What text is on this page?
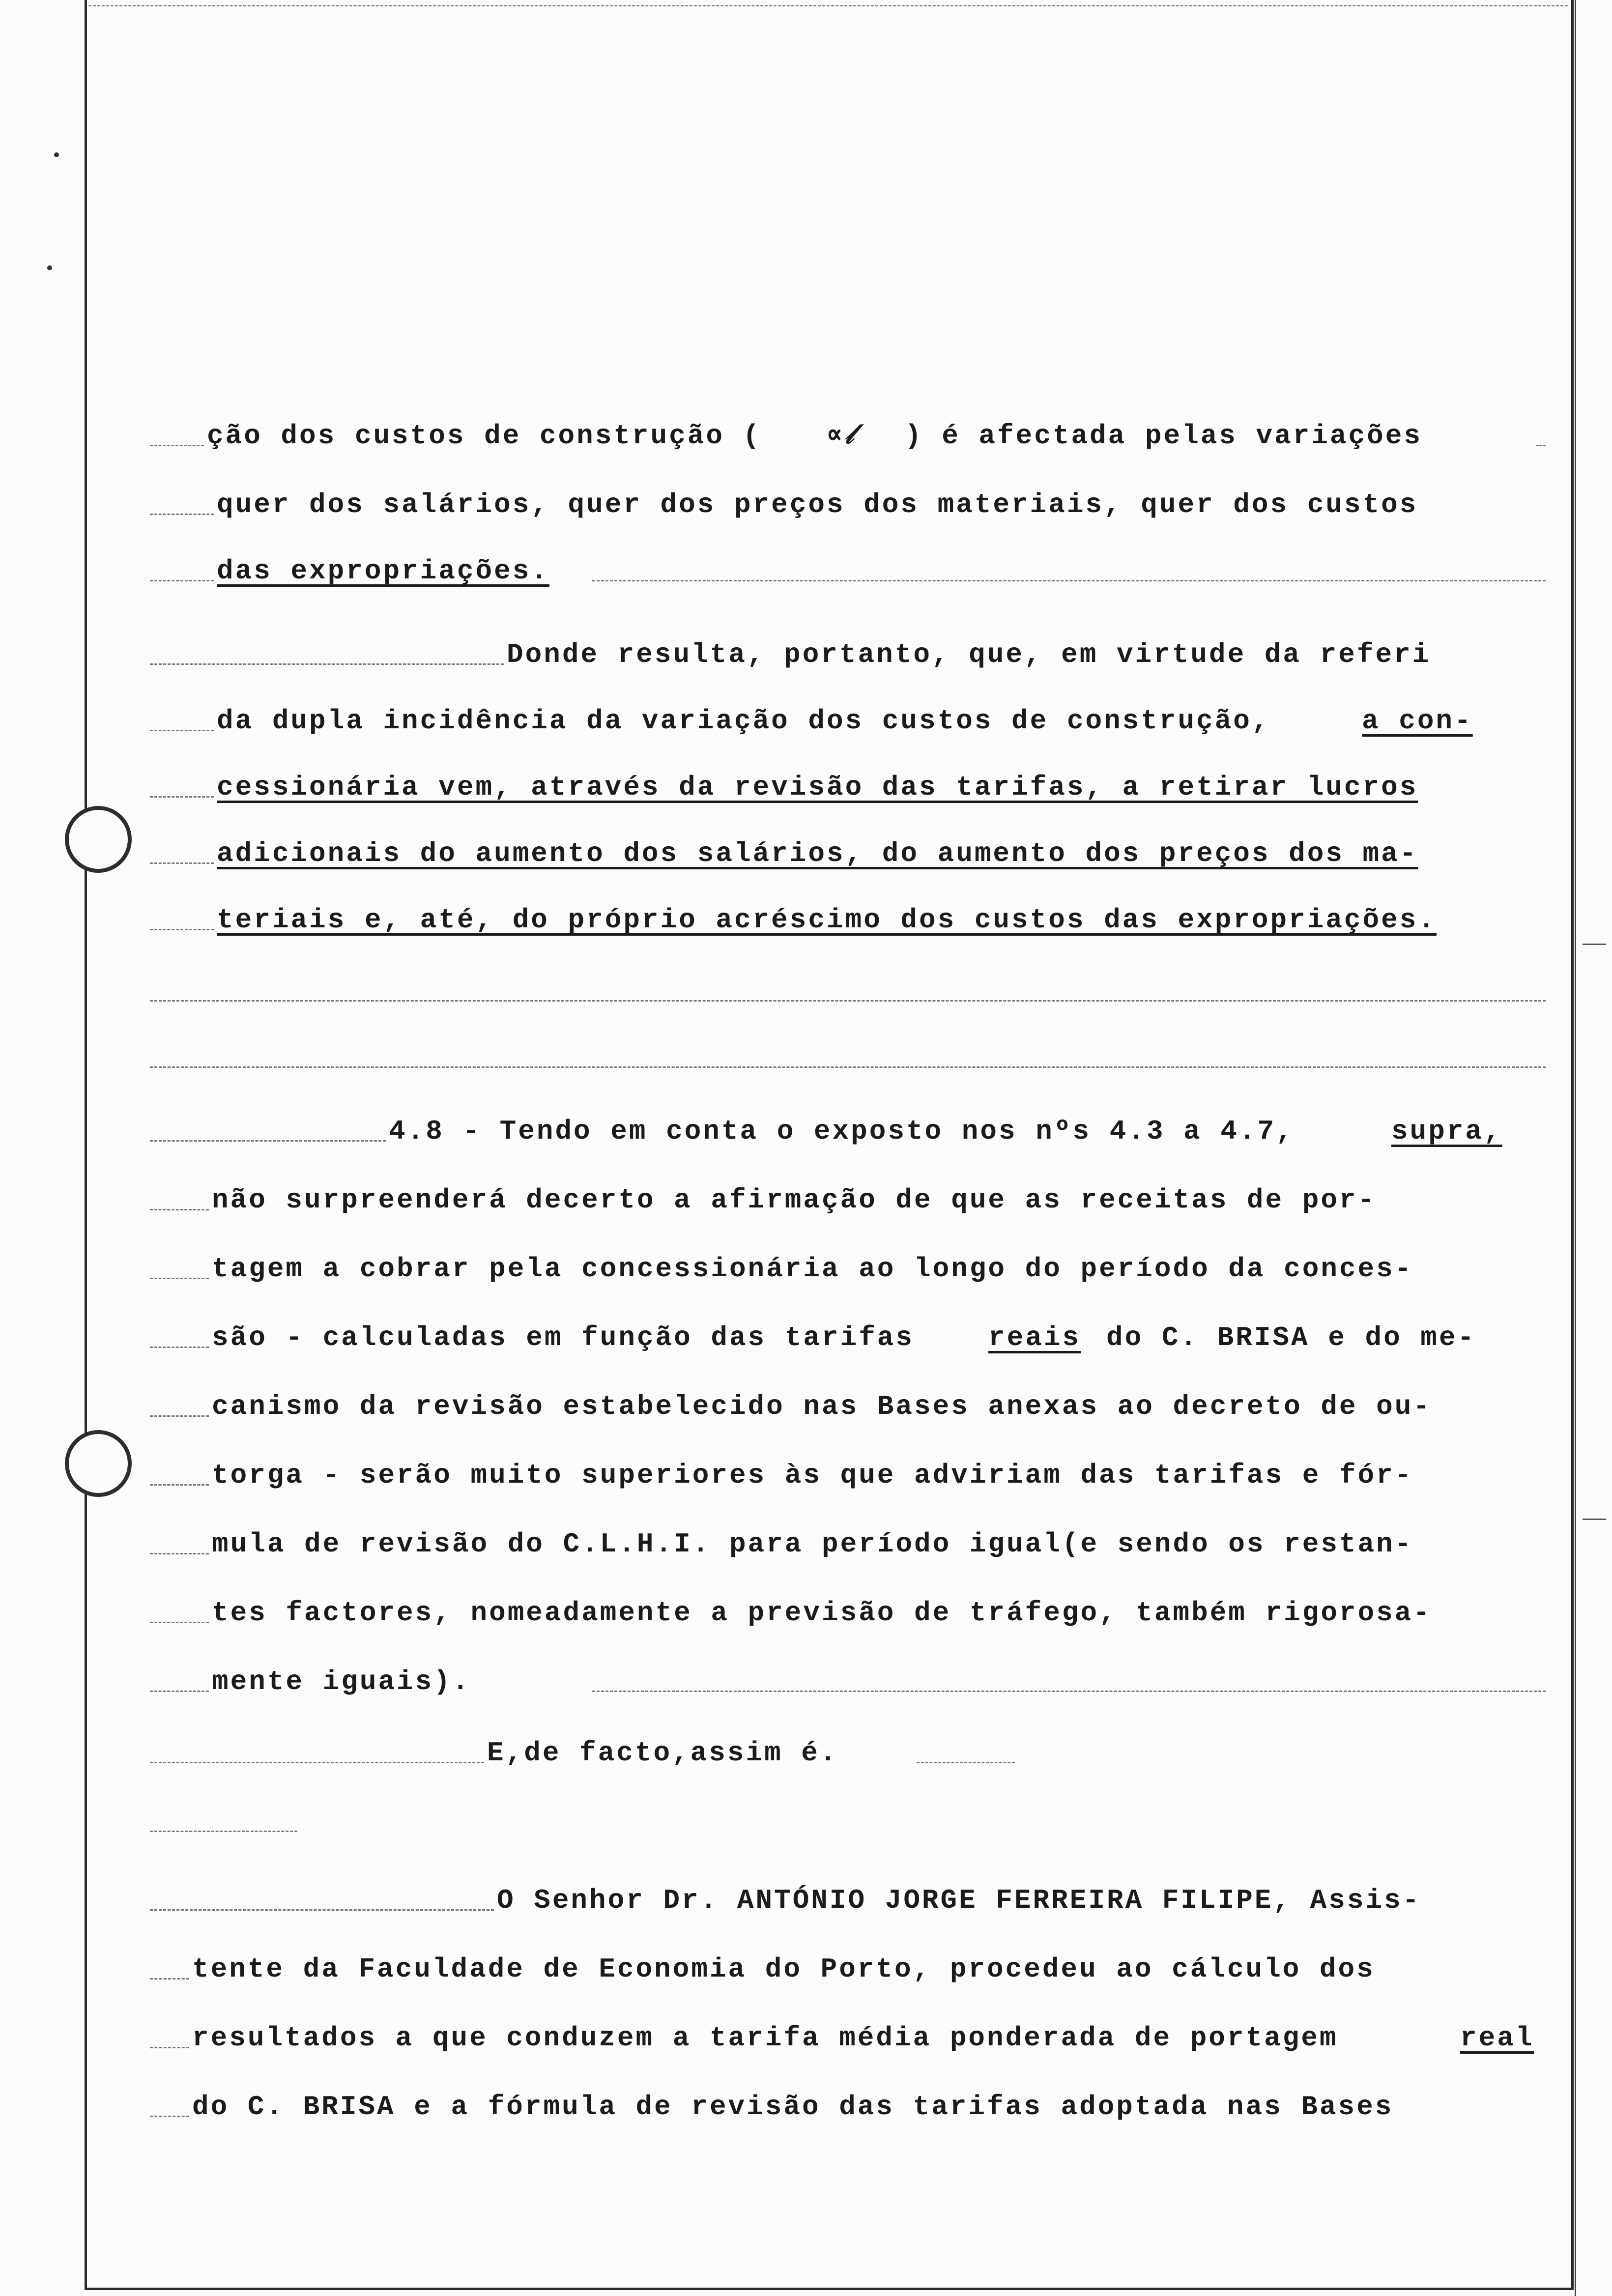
ção dos custos de construção ( ∝𝓁 ) é afectada pelas variações
quer dos salários, quer dos preços dos materiais, quer dos custos
das expropriações.
Donde resulta, portanto, que, em virtude da referi
da dupla incidência da variação dos custos de construção,	a con-
cessionária vem, através da revisão das tarifas, a retirar lucros
adicionais do aumento dos salários, do aumento dos preços dos ma-
teriais e, até, do próprio acréscimo dos custos das expropriações.
4.8 - Tendo em conta o exposto nos nºs 4.3 a 4.7,	supra,
não surpreenderá decerto a afirmação de que as receitas de por-
tagem a cobrar pela concessionária ao longo do período da conces-
são - calculadas em função das tarifas	reais do C. BRISA e do me-
canismo da revisão estabelecido nas Bases anexas ao decreto de ou-
torga - serão muito superiores às que adviriam das tarifas e fór-
mula de revisão do C.L.H.I. para período igual(e sendo os restan-
tes factores, nomeadamente a previsão de tráfego, também rigorosa-
mente iguais).
E,de facto,assim é.
O Senhor Dr. ANTÓNIO JORGE FERREIRA FILIPE, Assis-
tente da Faculdade de Economia do Porto, procedeu ao cálculo dos
resultados a que conduzem a tarifa média ponderada de portagem	real
do C. BRISA e a fórmula de revisão das tarifas adoptada nas Bases
